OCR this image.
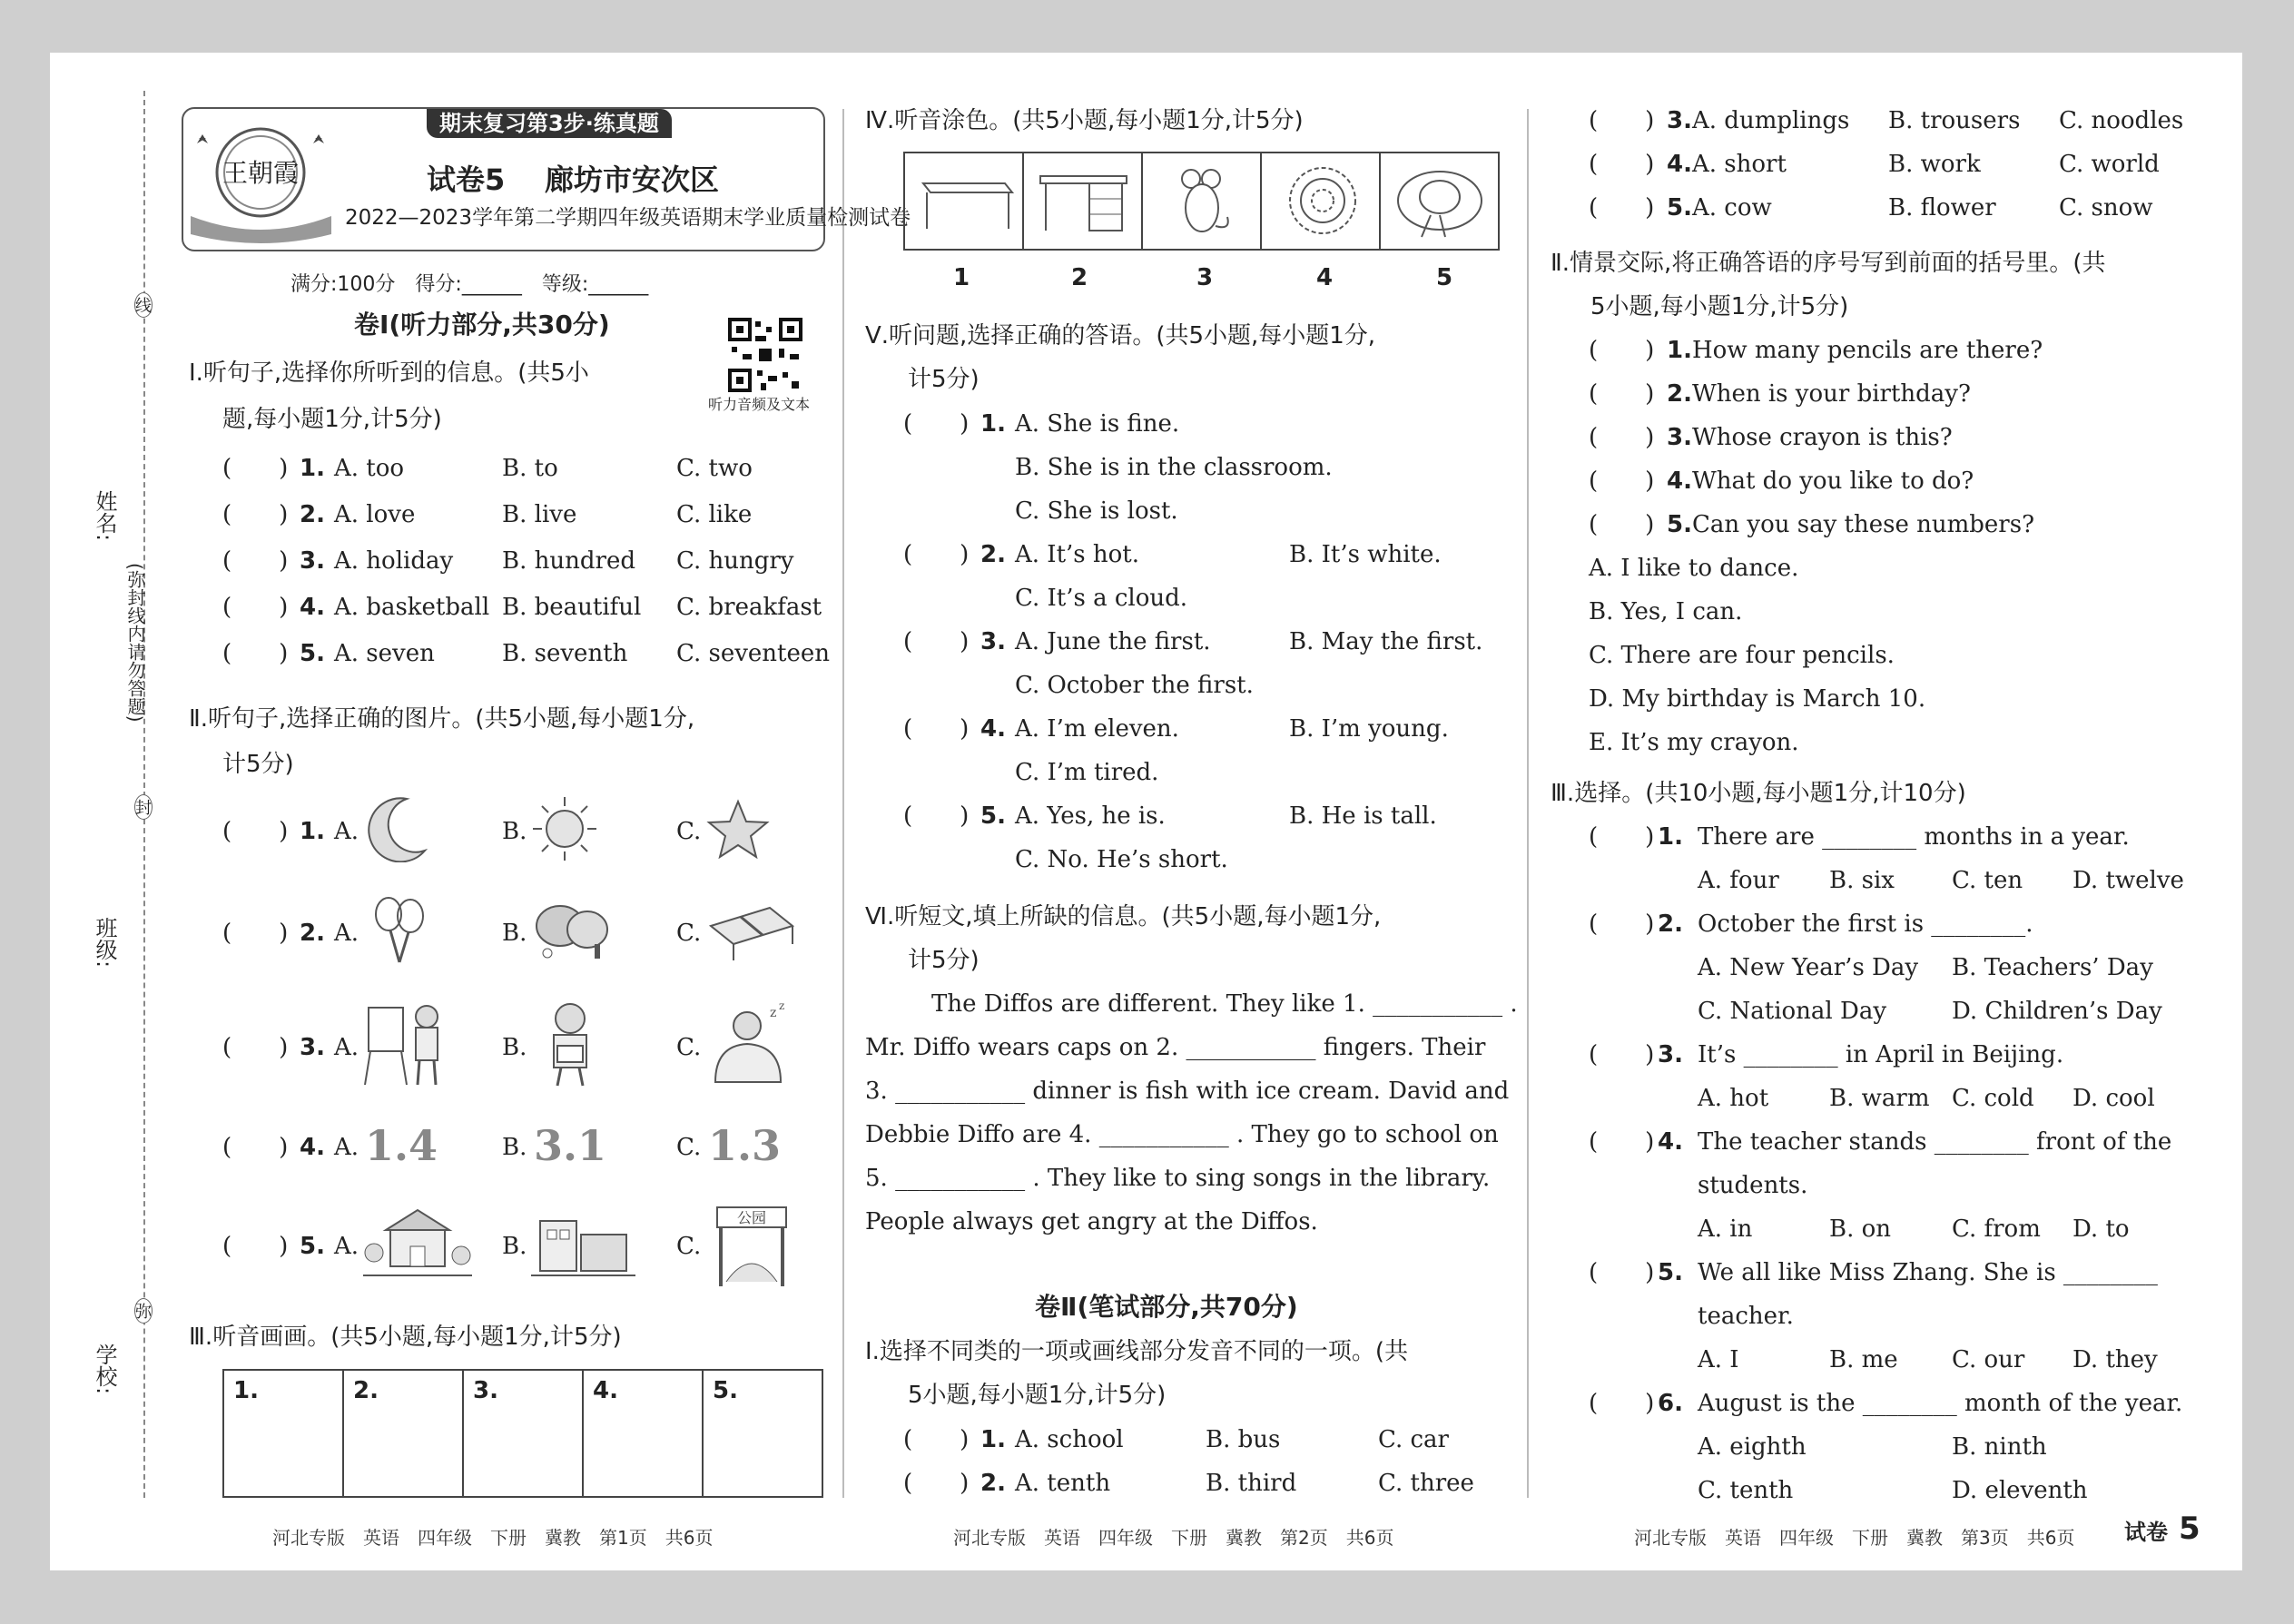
学校:
班级:
姓名:
(弥封线内请勿答题)
线
封
弥
期末复习第3步·练真题
王朝霞	试卷5 廊坊市安次区
2022—2023学年第二学期四年级英语期末学业质量检测试卷
满分:100分　得分:______　等级:______
听力音频及文本
卷Ⅰ(听力部分,共30分)
Ⅰ.听句子,选择你所听到的信息。(共5小
题,每小题1分,计5分)
(　　) 1. A. too	B. to	C. two
(　　) 2. A. love	B. live	C. like
(　　) 3. A. holiday B. hundred C. hungry
(　　) 4. A. basketball B. beautiful C. breakfast
(　　) 5. A. seven	B. seventh C. seventeen
Ⅱ.听句子,选择正确的图片。(共5小题,每小题1分,
计5分)
(　　) 1. A.	B.	C.
(　　) 2. A.	B.	C.
(　　) 3. A.	B.	C.
z z
(　　) 4. A. 1.4	B. 3.1	C. 1.3
(　　) 5. A.	B.	C.
公园
Ⅲ.听音画画。(共5小题,每小题1分,计5分)
1.	2.	3.	4.	5.
Ⅳ.听音涂色。(共5小题,每小题1分,计5分)
1	2	3	4	5
Ⅴ.听问题,选择正确的答语。(共5小题,每小题1分,
计5分)
(　　) 1. A. She is fine.
B. She is in the classroom.
C. She is lost.
(　　) 2. A. It’s hot.	B. It’s white.
C. It’s a cloud.
(　　) 3. A. June the first.	B. May the first.
C. October the first.
(　　) 4. A. I’m eleven.	B. I’m young.
C. I’m tired.
(　　) 5. A. Yes, he is.	B. He is tall.
C. No. He’s short.
Ⅵ.听短文,填上所缺的信息。(共5小题,每小题1分,
计5分)
　The Diffos are different. They like 1. ___________ .
Mr. Diffo wears caps on 2. ___________ fingers. Their
3. ___________ dinner is fish with ice cream. David and
Debbie Diffo are 4. ___________ . They go to school on
5. ___________ . They like to sing songs in the library.
People always get angry at the Diffos.
卷Ⅱ(笔试部分,共70分)
Ⅰ.选择不同类的一项或画线部分发音不同的一项。(共
5小题,每小题1分,计5分)
(　　) 1. A. school	B. bus	C. car
(　　) 2. A. tenth	B. third	C. three
(　　) 3. A. dumplings B. trousers C. noodles
(　　) 4. A. short	B. work	C. world
(　　) 5. A. cow	B. flower	C. snow
Ⅱ.情景交际,将正确答语的序号写到前面的括号里。(共
5小题,每小题1分,计5分)
(　　) 1. How many pencils are there?
(　　) 2. When is your birthday?
(　　) 3. Whose crayon is this?
(　　) 4. What do you like to do?
(　　) 5. Can you say these numbers?
A. I like to dance.
B. Yes, I can.
C. There are four pencils.
D. My birthday is March 10.
E. It’s my crayon.
Ⅲ.选择。(共10小题,每小题1分,计10分)
(　　) 1. There are ________ months in a year.
A. four B. six C. ten D. twelve
(　　) 2. October the first is ________.
A. New Year’s Day B. Teachers’ Day
C. National Day	D. Children’s Day
(　　) 3. It’s ________ in April in Beijing.
A. hot	B. warm C. cold D. cool
(　　) 4. The teacher stands ________ front of the
students.
A. in	B. on	C. from D. to
(　　) 5. We all like Miss Zhang. She is ________
teacher.
A. I	B. me C. our D. they
(　　) 6. August is the ________ month of the year.
A. eighth	B. ninth
C. tenth	D. eleventh
河北专版　英语　四年级　下册　冀教　第1页　共6页	河北专版　英语　四年级　下册　冀教　第2页　共6页	河北专版　英语　四年级　下册　冀教　第3页　共6页 试卷 5
